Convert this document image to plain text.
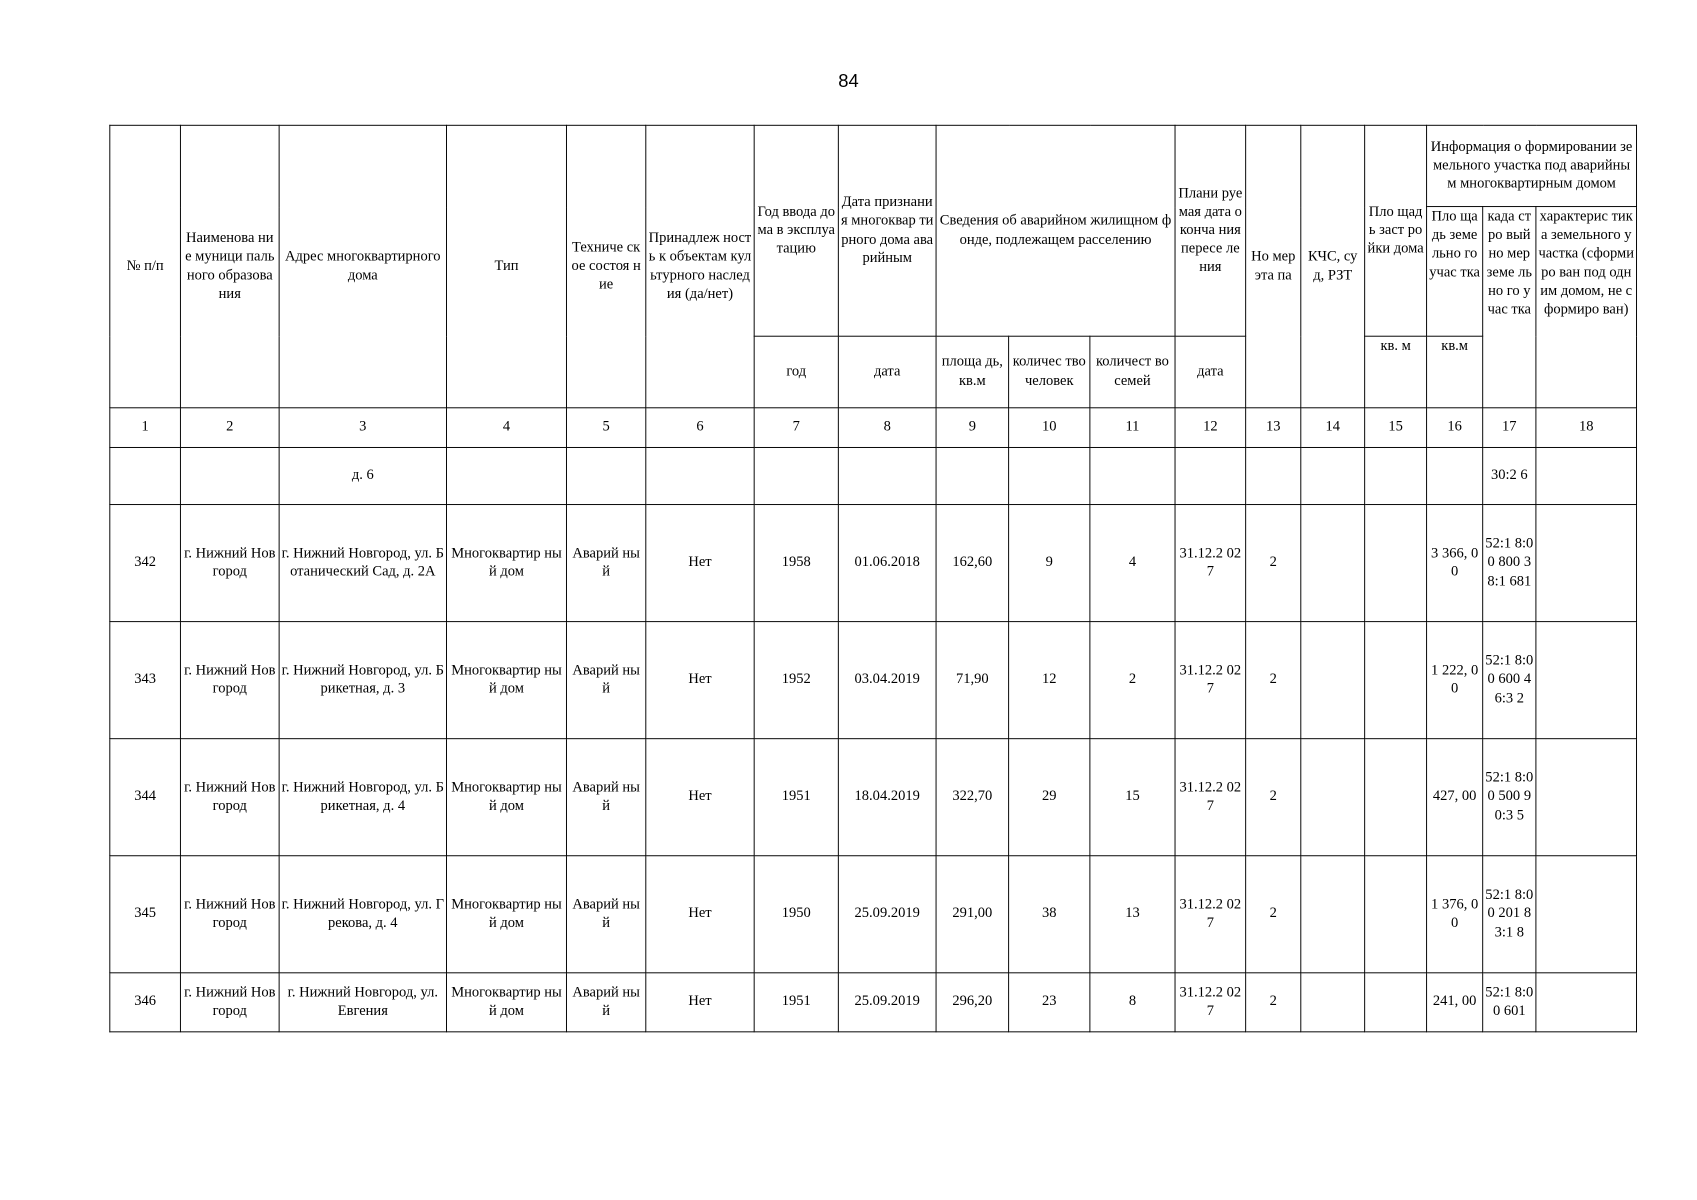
84
№ п/п	Наименова ние муници пального образова ния	Адрес многоквартирного дома	Тип	Техниче ское состоя ние	Принадлеж ность к объектам культурного наследия (да/нет)	Год ввода дома в эксплуа тацию	Дата признания многоквар тирного дома аварийным	Сведения об аварийном жилищном фонде, подлежащем расселению			Плани руемая дата оконча ния пересе ления	Но мер эта па	КЧС, суд, РЗТ	Пло щадь заст ройки дома	Информация о формировании земельного участка под аварийным многоквартирным домом		
															Пло щадь земе льно го учас тка	када стро вый но мер земе льно го учас тка	характерис тика земельного участка (сформиро ван под одним домом, не сформиро ван)
						год	дата	площа дь, кв.м	количес тво человек	количест во семей	дата			кв. м	кв.м		
1	2	3	4	5	6	7	8	9	10	11	12	13	14	15	16	17	18
		д. 6														30:2 6	
342	г. Нижний Новгород	г. Нижний Новгород, ул. Ботанический Сад, д. 2А	Многоквартир ный дом	Аварий ный	Нет	1958	01.06.2018	162,60	9	4	31.12.2 027	2			3 366, 00	52:1 8:00 800 38:1 681	
343	г. Нижний Новгород	г. Нижний Новгород, ул. Брикетная, д. 3	Многоквартир ный дом	Аварий ный	Нет	1952	03.04.2019	71,90	12	2	31.12.2 027	2			1 222, 00	52:1 8:00 600 46:3 2	
344	г. Нижний Новгород	г. Нижний Новгород, ул. Брикетная, д. 4	Многоквартир ный дом	Аварий ный	Нет	1951	18.04.2019	322,70	29	15	31.12.2 027	2			427, 00	52:1 8:00 500 90:3 5	
345	г. Нижний Новгород	г. Нижний Новгород, ул. Грекова, д. 4	Многоквартир ный дом	Аварий ный	Нет	1950	25.09.2019	291,00	38	13	31.12.2 027	2			1 376, 00	52:1 8:00 201 83:1 8	
346	г. Нижний Новгород	г. Нижний Новгород, ул. Евгения	Многоквартир ный дом	Аварий ный	Нет	1951	25.09.2019	296,20	23	8	31.12.2 027	2			241, 00	52:1 8:00 601	
